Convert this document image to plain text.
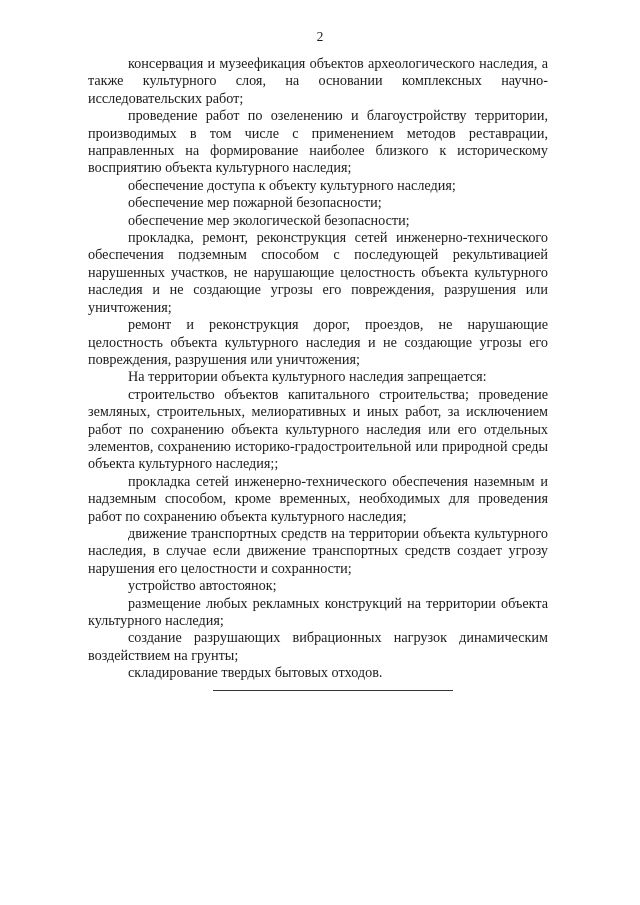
2

консервация и музеефикация объектов археологического наследия, а также культурного слоя, на основании комплексных научно-исследовательских работ;

проведение работ по озеленению и благоустройству территории, производимых в том числе с применением методов реставрации, направленных на формирование наиболее близкого к историческому восприятию объекта культурного наследия;

обеспечение доступа к объекту культурного наследия;

обеспечение мер пожарной безопасности;

обеспечение мер экологической безопасности;

прокладка, ремонт, реконструкция сетей инженерно-технического обеспечения подземным способом с последующей рекультивацией нарушенных участков, не нарушающие целостность объекта культурного наследия и не создающие угрозы его повреждения, разрушения или уничтожения;

ремонт и реконструкция дорог, проездов, не нарушающие целостность объекта культурного наследия и не создающие угрозы его повреждения, разрушения или уничтожения;

На территории объекта культурного наследия запрещается:

строительство объектов капитального строительства; проведение земляных, строительных, мелиоративных и иных работ, за исключением работ по сохранению объекта культурного наследия или его отдельных элементов, сохранению историко-градостроительной или природной среды объекта культурного наследия;;

прокладка сетей инженерно-технического обеспечения наземным и надземным способом, кроме временных, необходимых для проведения работ по сохранению объекта культурного наследия;

движение транспортных средств на территории объекта культурного наследия, в случае если движение транспортных средств создает угрозу нарушения его целостности и сохранности;

устройство автостоянок;

размещение любых рекламных конструкций на территории объекта культурного наследия;

создание разрушающих вибрационных нагрузок динамическим воздействием на грунты;

складирование твердых бытовых отходов.
